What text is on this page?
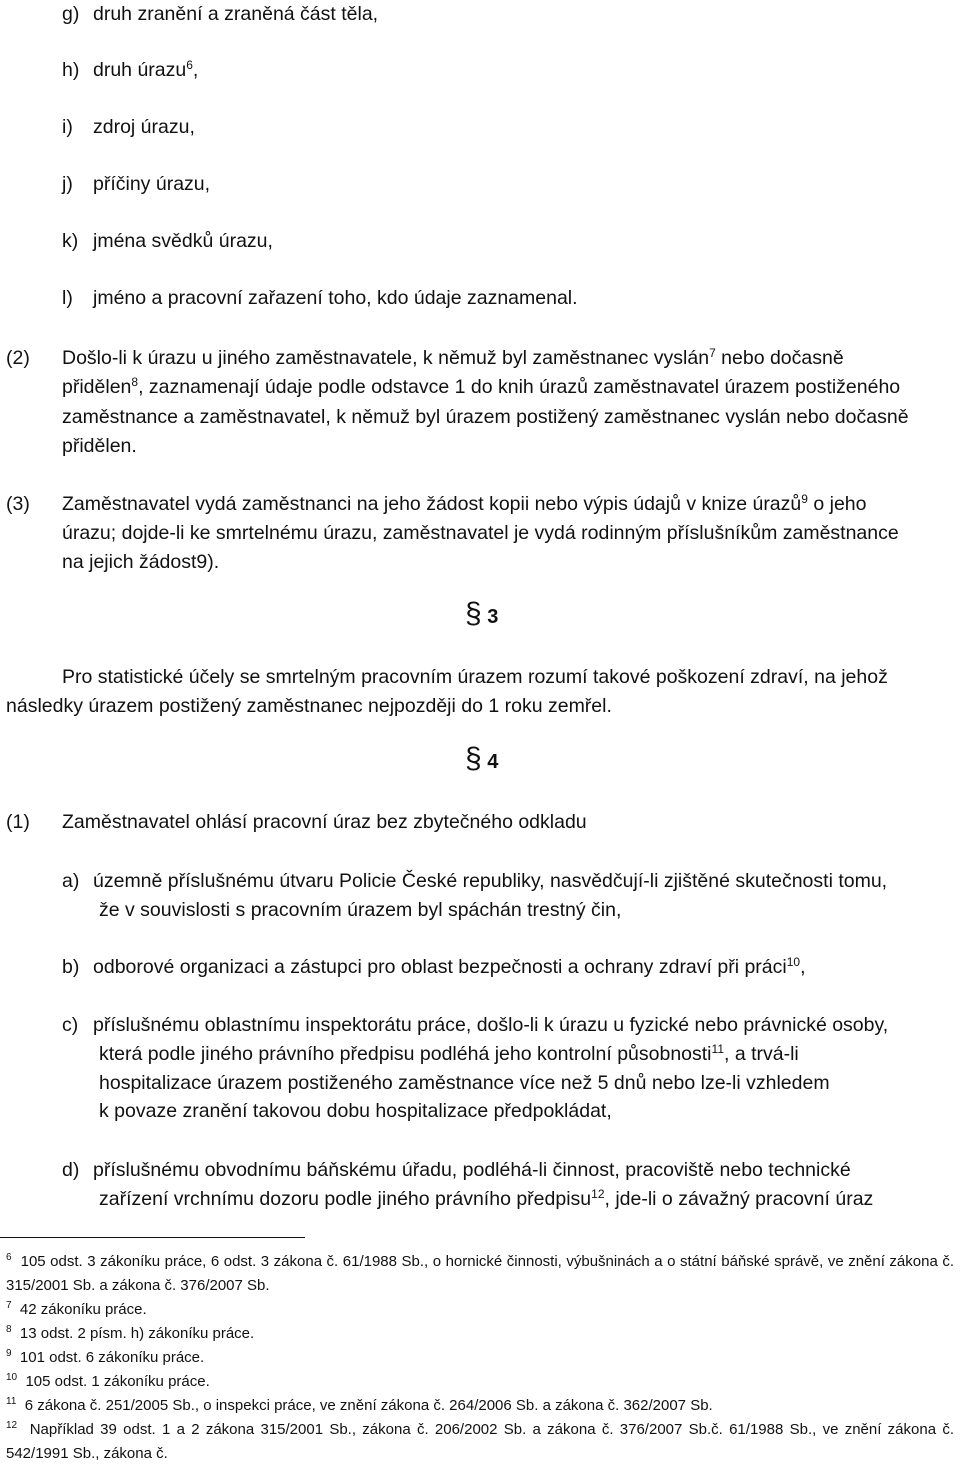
g) druh zranění a zraněná část těla,
h) druh úrazu$^6$,
i) zdroj úrazu,
j) příčiny úrazu,
k) jména svědků úrazu,
l) jméno a pracovní zařazení toho, kdo údaje zaznamenal.
(2) Došlo-li k úrazu u jiného zaměstnavatele, k němuž byl zaměstnanec vyslán$^7$ nebo dočasně
přidělen$^8$, zaznamenají údaje podle odstavce 1 do knih úrazů zaměstnavatel úrazem postiženého
zaměstnance a zaměstnavatel, k němuž byl úrazem postižený zaměstnanec vyslán nebo dočasně
přidělen.
(3) Zaměstnavatel vydá zaměstnanci na jeho žádost kopii nebo výpis údajů v knize úrazů$^9$ o jeho
úrazu; dojde-li ke smrtelnému úrazu, zaměstnavatel je vydá rodinným příslušníkům zaměstnance
na jejich žádost9).
§ 3
Pro statistické účely se smrtelným pracovním úrazem rozumí takové poškození zdraví, na jehož
následky úrazem postižený zaměstnanec nejpozději do 1 roku zemřel.
§ 4
(1) Zaměstnavatel ohlásí pracovní úraz bez zbytečného odkladu
a) územně příslušnému útvaru Policie České republiky, nasvědčují-li zjištěné skutečnosti tomu,
že v souvislosti s pracovním úrazem byl spáchán trestný čin,
b) odborové organizaci a zástupci pro oblast bezpečnosti a ochrany zdraví při práci$^{10}$,
c) příslušnému oblastnímu inspektorátu práce, došlo-li k úrazu u fyzické nebo právnické osoby,
která podle jiného právního předpisu podléhá jeho kontrolní působnosti$^{11}$, a trvá-li
hospitalizace úrazem postiženého zaměstnance více než 5 dnů nebo lze-li vzhledem
k povaze zranění takovou dobu hospitalizace předpokládat,
d) příslušnému obvodnímu báňskému úřadu, podléhá-li činnost, pracoviště nebo technické
zařízení vrchnímu dozoru podle jiného právního předpisu$^{12}$, jde-li o závažný pracovní úraz
$^6$ 105 odst. 3 zákoníku práce, 6 odst. 3 zákona č. 61/1988 Sb., o hornické činnosti, výbušninách a o státní báňské správě, ve znění zákona č. 315/2001 Sb. a zákona č. 376/2007 Sb.
$^7$ 42 zákoníku práce.
$^8$ 13 odst. 2 písm. h) zákoníku práce.
$^9$ 101 odst. 6 zákoníku práce.
$^{10}$ 105 odst. 1 zákoníku práce.
$^{11}$ 6 zákona č. 251/2005 Sb., o inspekci práce, ve znění zákona č. 264/2006 Sb. a zákona č. 362/2007 Sb.
$^{12}$ Například 39 odst. 1 a 2 zákona 315/2001 Sb., zákona č. 206/2002 Sb. a zákona č. 376/2007 Sb.č. 61/1988 Sb., ve znění zákona č. 542/1991 Sb., zákona č.
